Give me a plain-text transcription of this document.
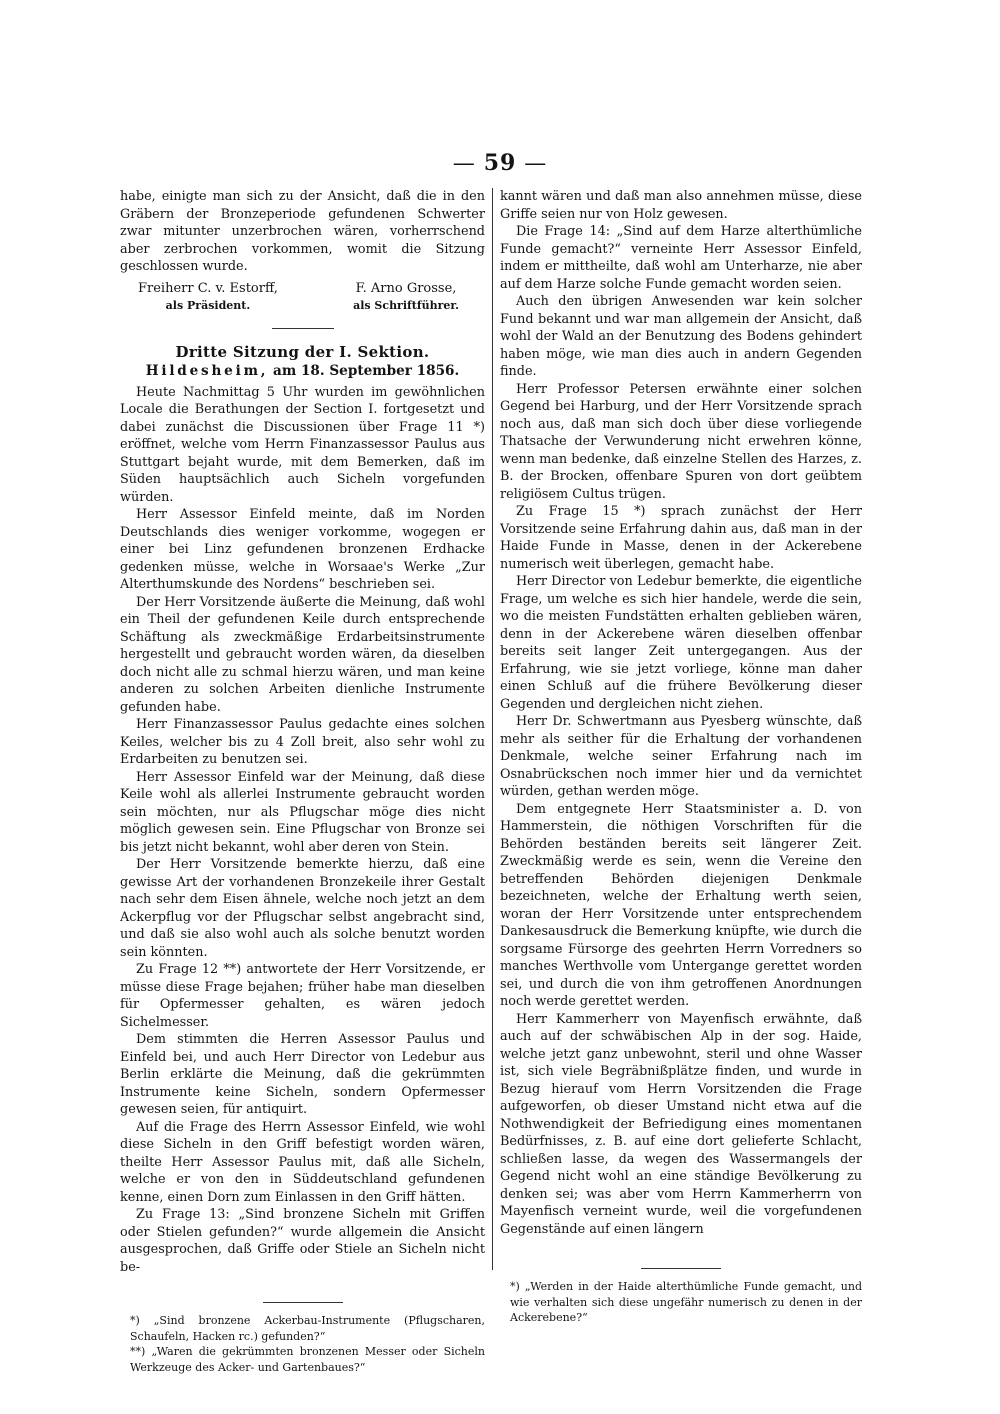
— 59 —

habe, einigte man sich zu der Ansicht, daß die in den Gräbern der Bronzeperiode gefundenen Schwerter zwar mitunter unzerbrochen wären, vorherrschend aber zerbrochen vorkommen, womit die Sitzung geschlossen wurde.

Freiherr C. v. Estorff,
als Präsident.
F. Arno Grosse,
als Schriftführer.
Dritte Sitzung der I. Sektion.
Hildesheim, am 18. September 1856.

Heute Nachmittag 5 Uhr wurden im gewöhnlichen Locale die Berathungen der Section I. fortgesetzt und dabei zunächst die Discussionen über Frage 11 *) eröffnet, welche vom Herrn Finanzassessor Paulus aus Stuttgart bejaht wurde, mit dem Bemerken, daß im Süden hauptsächlich auch Sicheln vorgefunden würden.

Herr Assessor Einfeld meinte, daß im Norden Deutschlands dies weniger vorkomme, wogegen er einer bei Linz gefundenen bronzenen Erdhacke gedenken müsse, welche in Worsaae's Werke „Zur Alterthumskunde des Nordens“ beschrieben sei.

Der Herr Vorsitzende äußerte die Meinung, daß wohl ein Theil der gefundenen Keile durch entsprechende Schäftung als zweckmäßige Erdarbeitsinstrumente hergestellt und gebraucht worden wären, da dieselben doch nicht alle zu schmal hierzu wären, und man keine anderen zu solchen Arbeiten dienliche Instrumente gefunden habe.

Herr Finanzassessor Paulus gedachte eines solchen Keiles, welcher bis zu 4 Zoll breit, also sehr wohl zu Erdarbeiten zu benutzen sei.

Herr Assessor Einfeld war der Meinung, daß diese Keile wohl als allerlei Instrumente gebraucht worden sein möchten, nur als Pflugschar möge dies nicht möglich gewesen sein. Eine Pflugschar von Bronze sei bis jetzt nicht bekannt, wohl aber deren von Stein.

Der Herr Vorsitzende bemerkte hierzu, daß eine gewisse Art der vorhandenen Bronzekeile ihrer Gestalt nach sehr dem Eisen ähnele, welche noch jetzt an dem Ackerpflug vor der Pflugschar selbst angebracht sind, und daß sie also wohl auch als solche benutzt worden sein könnten.

Zu Frage 12 **) antwortete der Herr Vorsitzende, er müsse diese Frage bejahen; früher habe man dieselben für Opfermesser gehalten, es wären jedoch Sichelmesser.

Dem stimmten die Herren Assessor Paulus und Einfeld bei, und auch Herr Director von Ledebur aus Berlin erklärte die Meinung, daß die gekrümmten Instrumente keine Sicheln, sondern Opfermesser gewesen seien, für antiquirt.

Auf die Frage des Herrn Assessor Einfeld, wie wohl diese Sicheln in den Griff befestigt worden wären, theilte Herr Assessor Paulus mit, daß alle Sicheln, welche er von den in Süddeutschland gefundenen kenne, einen Dorn zum Einlassen in den Griff hätten.

Zu Frage 13: „Sind bronzene Sicheln mit Griffen oder Stielen gefunden?“ wurde allgemein die Ansicht ausgesprochen, daß Griffe oder Stiele an Sicheln nicht be-

*) „Sind bronzene Ackerbau-Instrumente (Pflugscharen, Schaufeln, Hacken rc.) gefunden?“

**) „Waren die gekrümmten bronzenen Messer oder Sicheln Werkzeuge des Acker- und Gartenbaues?“

kannt wären und daß man also annehmen müsse, diese Griffe seien nur von Holz gewesen.

Die Frage 14: „Sind auf dem Harze alterthümliche Funde gemacht?“ verneinte Herr Assessor Einfeld, indem er mittheilte, daß wohl am Unterharze, nie aber auf dem Harze solche Funde gemacht worden seien.

Auch den übrigen Anwesenden war kein solcher Fund bekannt und war man allgemein der Ansicht, daß wohl der Wald an der Benutzung des Bodens gehindert haben möge, wie man dies auch in andern Gegenden finde.

Herr Professor Petersen erwähnte einer solchen Gegend bei Harburg, und der Herr Vorsitzende sprach noch aus, daß man sich doch über diese vorliegende Thatsache der Verwunderung nicht erwehren könne, wenn man bedenke, daß einzelne Stellen des Harzes, z. B. der Brocken, offenbare Spuren von dort geübtem religiösem Cultus trügen.

Zu Frage 15 *) sprach zunächst der Herr Vorsitzende seine Erfahrung dahin aus, daß man in der Haide Funde in Masse, denen in der Ackerebene numerisch weit überlegen, gemacht habe.

Herr Director von Ledebur bemerkte, die eigentliche Frage, um welche es sich hier handele, werde die sein, wo die meisten Fundstätten erhalten geblieben wären, denn in der Ackerebene wären dieselben offenbar bereits seit langer Zeit untergegangen. Aus der Erfahrung, wie sie jetzt vorliege, könne man daher einen Schluß auf die frühere Bevölkerung dieser Gegenden und dergleichen nicht ziehen.

Herr Dr. Schwertmann aus Pyesberg wünschte, daß mehr als seither für die Erhaltung der vorhandenen Denkmale, welche seiner Erfahrung nach im Osnabrückschen noch immer hier und da vernichtet würden, gethan werden möge.

Dem entgegnete Herr Staatsminister a. D. von Hammerstein, die nöthigen Vorschriften für die Behörden beständen bereits seit längerer Zeit. Zweckmäßig werde es sein, wenn die Vereine den betreffenden Behörden diejenigen Denkmale bezeichneten, welche der Erhaltung werth seien, woran der Herr Vorsitzende unter entsprechendem Dankesausdruck die Bemerkung knüpfte, wie durch die sorgsame Fürsorge des geehrten Herrn Vorredners so manches Werthvolle vom Untergange gerettet worden sei, und durch die von ihm getroffenen Anordnungen noch werde gerettet werden.

Herr Kammerherr von Mayenfisch erwähnte, daß auch auf der schwäbischen Alp in der sog. Haide, welche jetzt ganz unbewohnt, steril und ohne Wasser ist, sich viele Begräbnißplätze finden, und wurde in Bezug hierauf vom Herrn Vorsitzenden die Frage aufgeworfen, ob dieser Umstand nicht etwa auf die Nothwendigkeit der Befriedigung eines momentanen Bedürfnisses, z. B. auf eine dort gelieferte Schlacht, schließen lasse, da wegen des Wassermangels der Gegend nicht wohl an eine ständige Bevölkerung zu denken sei; was aber vom Herrn Kammerherrn von Mayenfisch verneint wurde, weil die vorgefundenen Gegenstände auf einen längern

*) „Werden in der Haide alterthümliche Funde gemacht, und wie verhalten sich diese ungefähr numerisch zu denen in der Ackerebene?“
